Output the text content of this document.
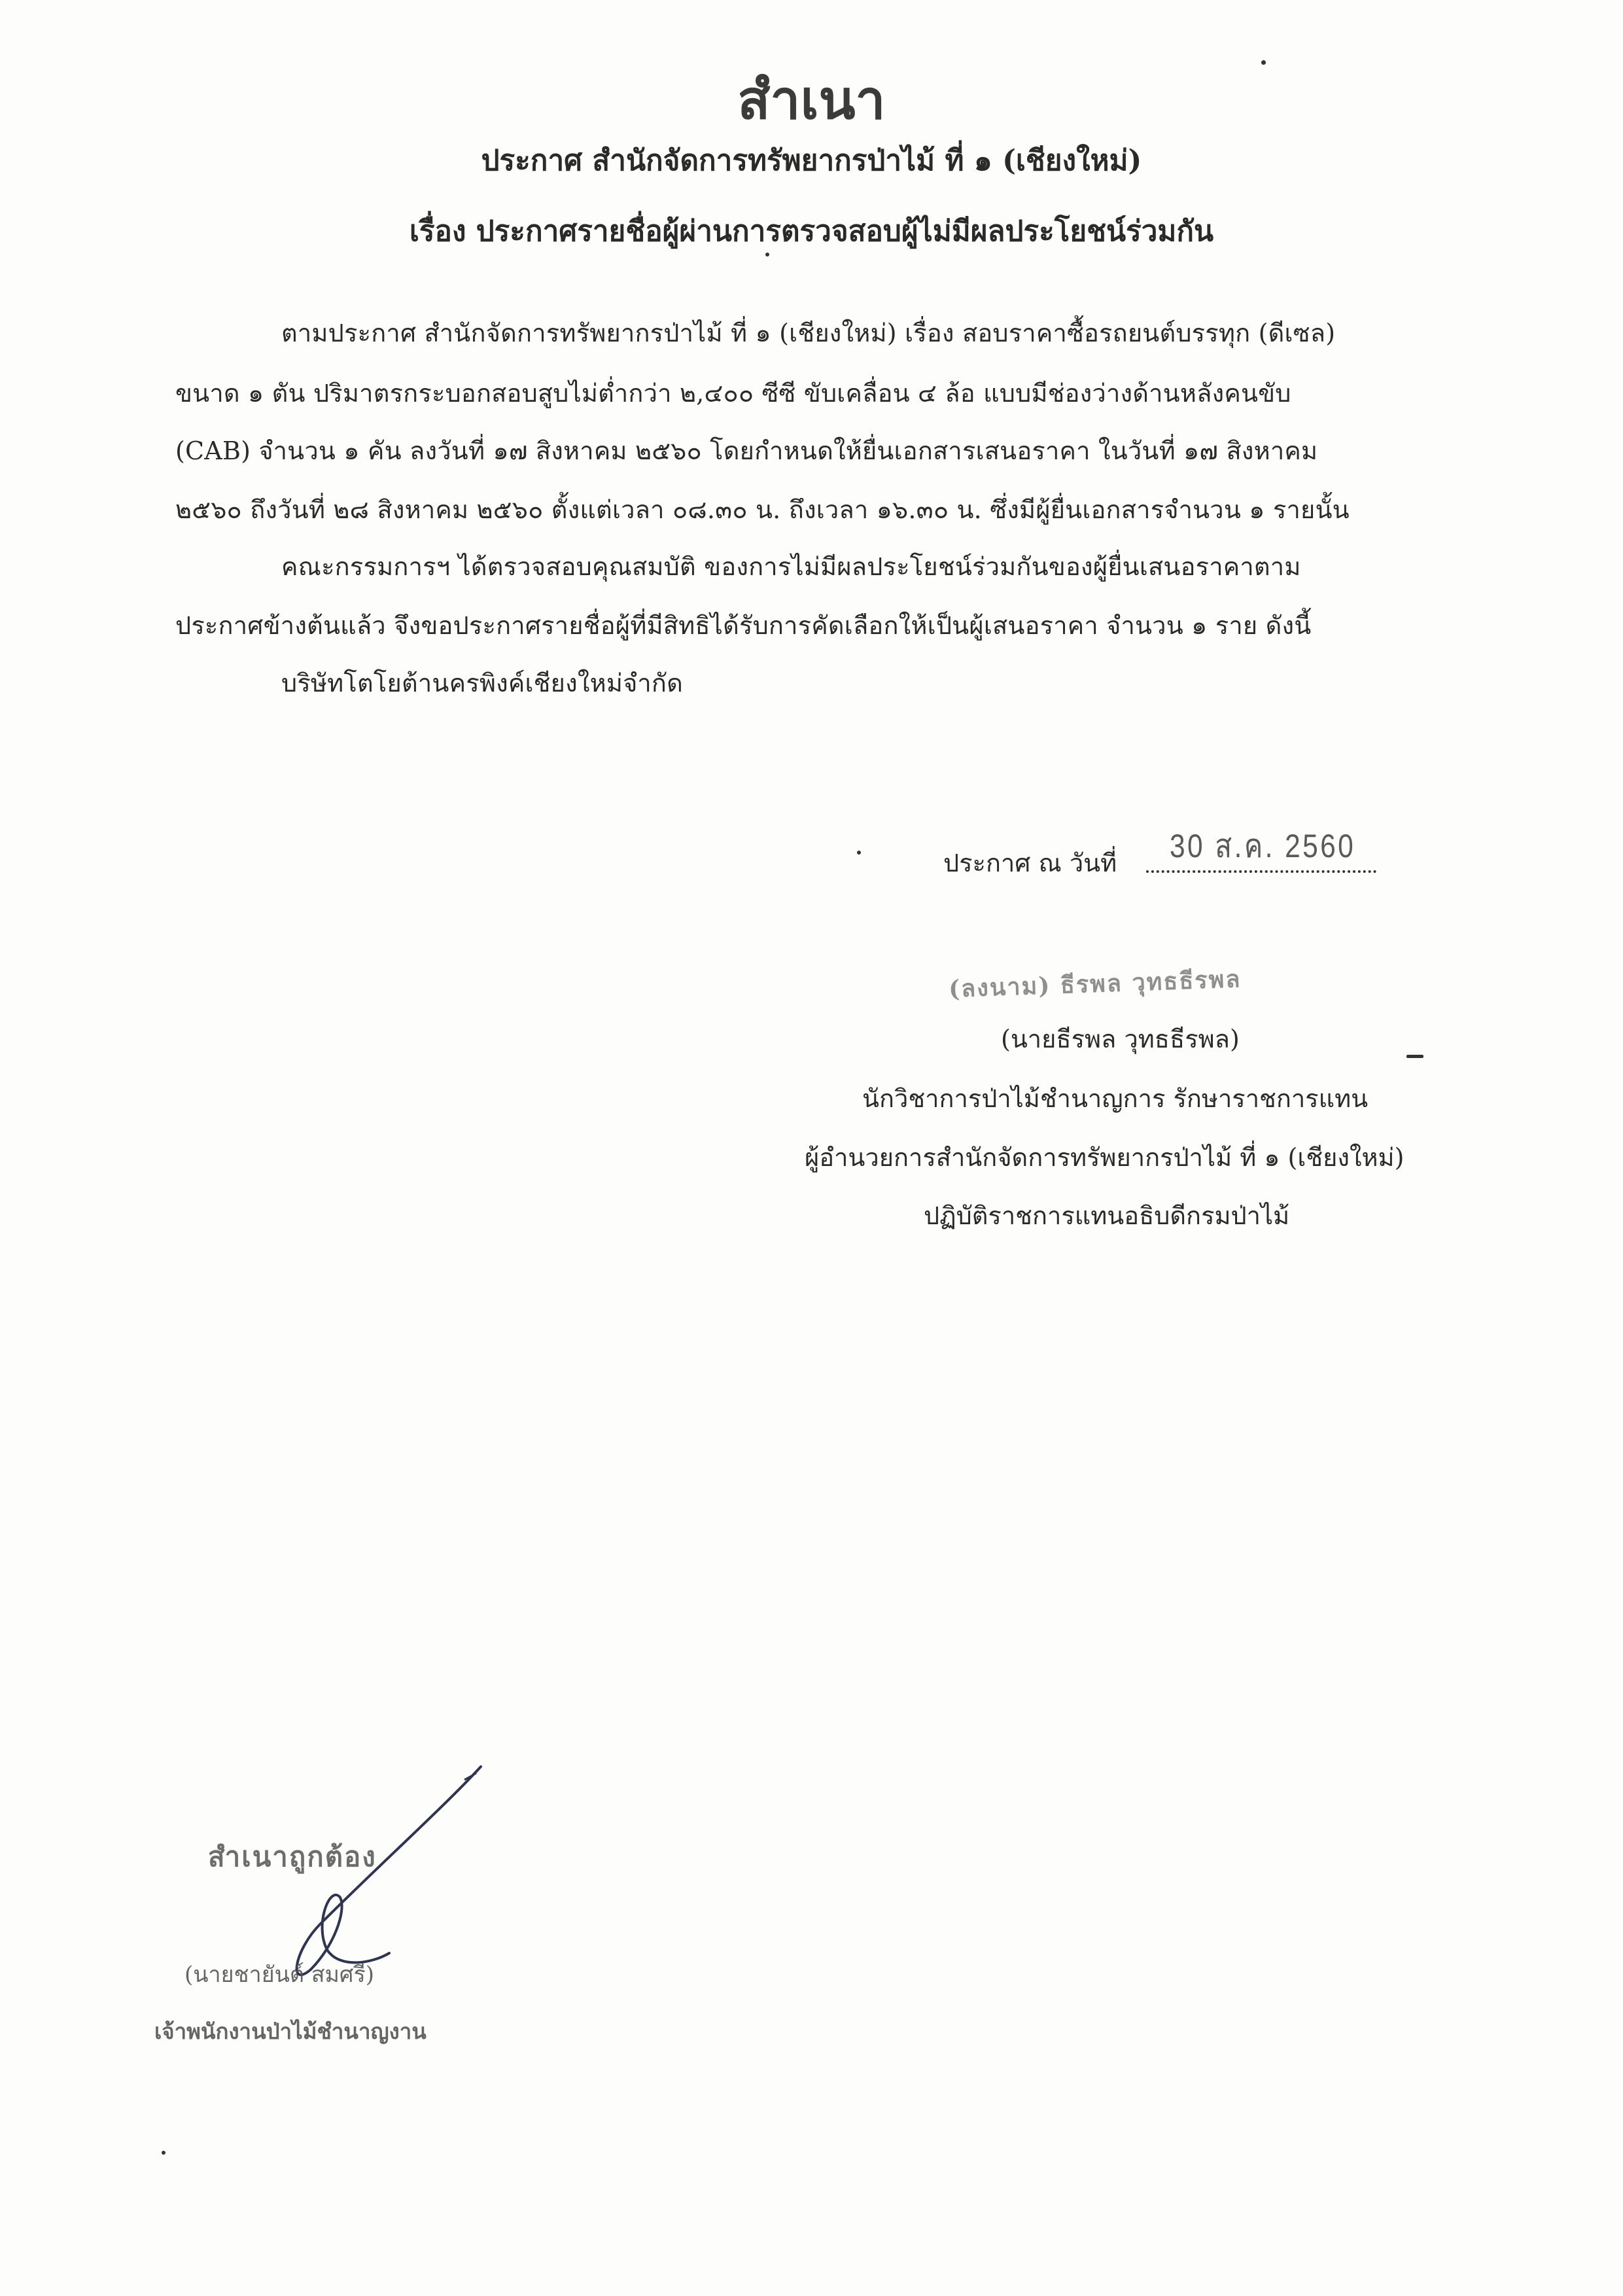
สำเนา
ประกาศ สำนักจัดการทรัพยากรป่าไม้ ที่ ๑ (เชียงใหม่)
เรื่อง ประกาศรายชื่อผู้ผ่านการตรวจสอบผู้ไม่มีผลประโยชน์ร่วมกัน
ตามประกาศ สำนักจัดการทรัพยากรป่าไม้ ที่ ๑ (เชียงใหม่) เรื่อง สอบราคาซื้อรถยนต์บรรทุก (ดีเซล)
ขนาด ๑ ตัน ปริมาตรกระบอกสอบสูบไม่ต่ำกว่า ๒,๔๐๐ ซีซี ขับเคลื่อน ๔ ล้อ แบบมีช่องว่างด้านหลังคนขับ
(CAB) จำนวน ๑ คัน ลงวันที่ ๑๗ สิงหาคม ๒๕๖๐ โดยกำหนดให้ยื่นเอกสารเสนอราคา ในวันที่ ๑๗ สิงหาคม
๒๕๖๐ ถึงวันที่ ๒๘ สิงหาคม ๒๕๖๐ ตั้งแต่เวลา ๐๘.๓๐ น. ถึงเวลา ๑๖.๓๐ น. ซึ่งมีผู้ยื่นเอกสารจำนวน ๑ รายนั้น
คณะกรรมการฯ ได้ตรวจสอบคุณสมบัติ ของการไม่มีผลประโยชน์ร่วมกันของผู้ยื่นเสนอราคาตาม
ประกาศข้างต้นแล้ว จึงขอประกาศรายชื่อผู้ที่มีสิทธิได้รับการคัดเลือกให้เป็นผู้เสนอราคา จำนวน ๑ ราย ดังนี้
บริษัทโตโยต้านครพิงค์เชียงใหม่จำกัด
ประกาศ ณ วันที่ 30 ส.ค. 2560
(ลงนาม) ธีรพล วุทธธีรพล
(นายธีรพล วุทธธีรพล)
นักวิชาการป่าไม้ชำนาญการ รักษาราชการแทน
ผู้อำนวยการสำนักจัดการทรัพยากรป่าไม้ ที่ ๑ (เชียงใหม่)
ปฏิบัติราชการแทนอธิบดีกรมป่าไม้
สำเนาถูกต้อง
(นายชายันต์ สมศรี)
เจ้าพนักงานป่าไม้ชำนาญงาน
